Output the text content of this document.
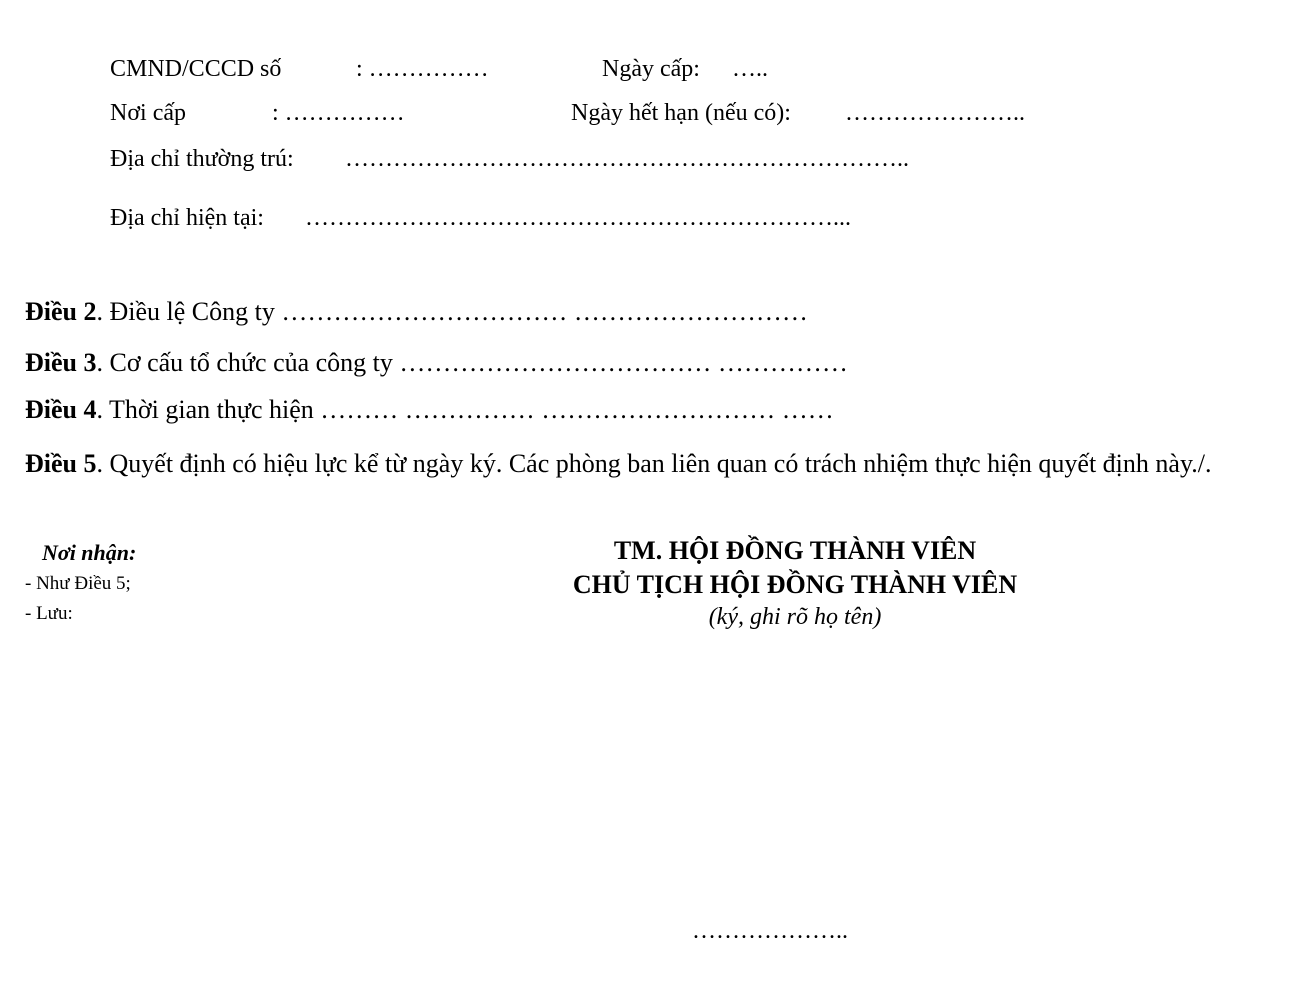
CMND/CCCD số	: ……………	Ngày cấp: …..
Nơi cấp	: ……………	Ngày hết hạn (nếu có): …………………..
Địa chỉ thường trú: ……………………………………………………………..
Địa chỉ hiện tại: …………………………………………………………...
Điều 2. Điều lệ Công ty …………………………… ………………………
Điều 3. Cơ cấu tổ chức của công ty ……………………………… ……………
Điều 4. Thời gian thực hiện ……… …………… ……………………… ……
Điều 5. Quyết định có hiệu lực kể từ ngày ký. Các phòng ban liên quan có trách nhiệm thực hiện quyết định này./.
Nơi nhận:
- Như Điều 5;
- Lưu:
TM. HỘI ĐỒNG THÀNH VIÊN
CHỦ TỊCH HỘI ĐỒNG THÀNH VIÊN
(ký, ghi rõ họ tên)
………………..
